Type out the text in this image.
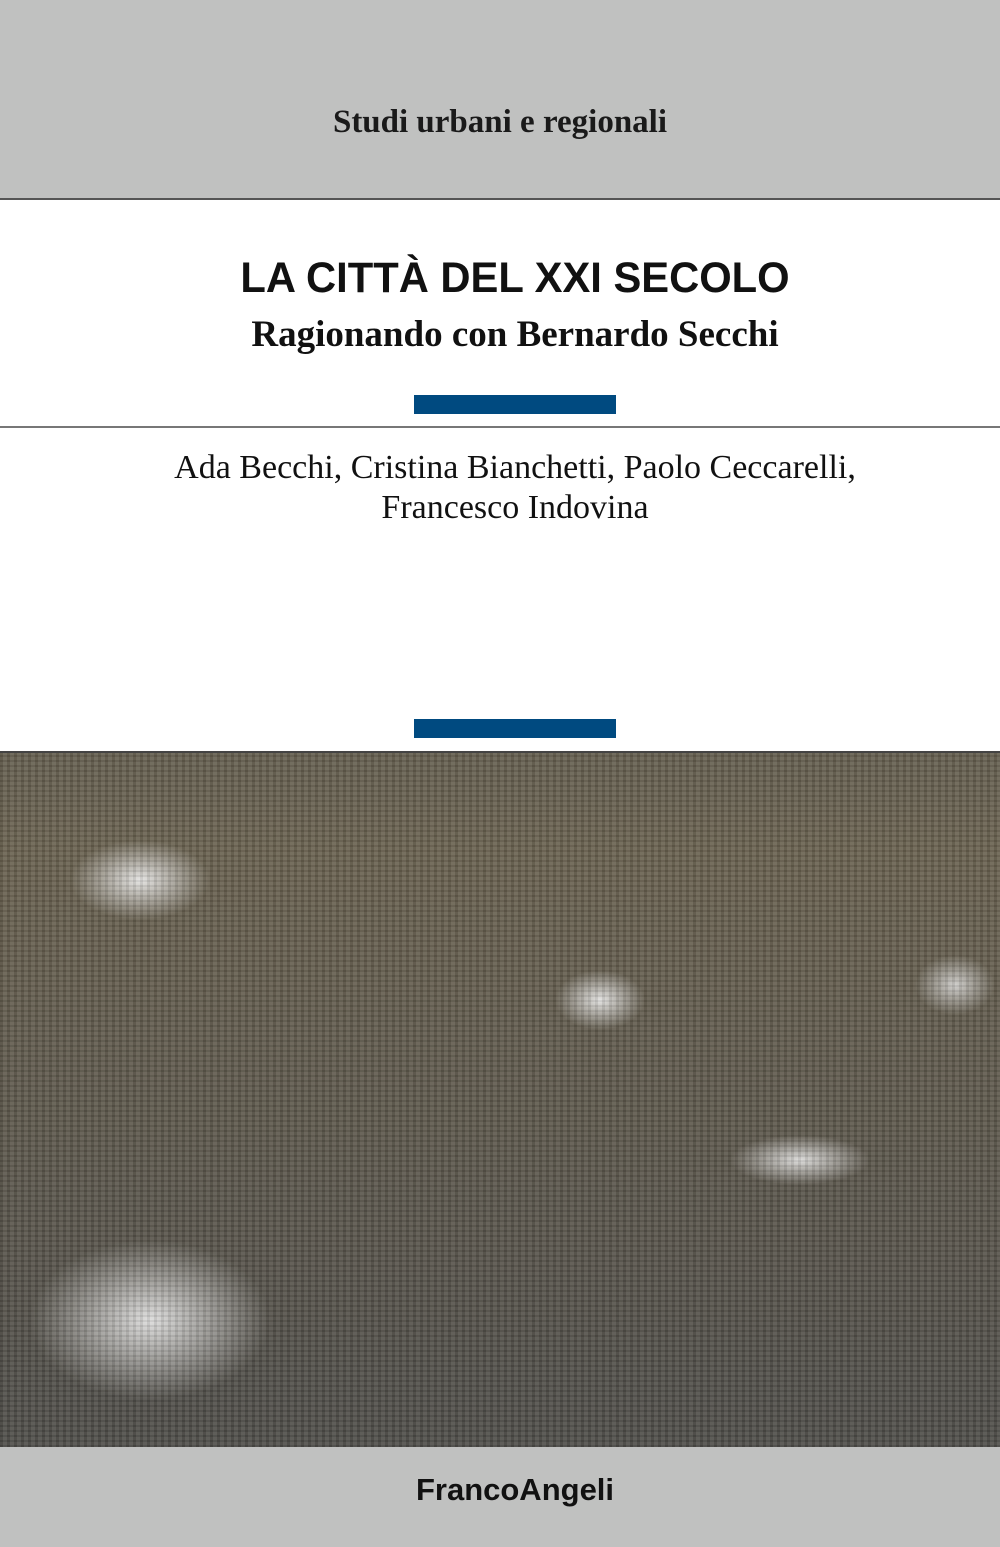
Studi urbani e regionali
LA CITTÀ DEL XXI SECOLO
Ragionando con Bernardo Secchi
Ada Becchi, Cristina Bianchetti, Paolo Ceccarelli,
Francesco Indovina
FrancoAngeli
